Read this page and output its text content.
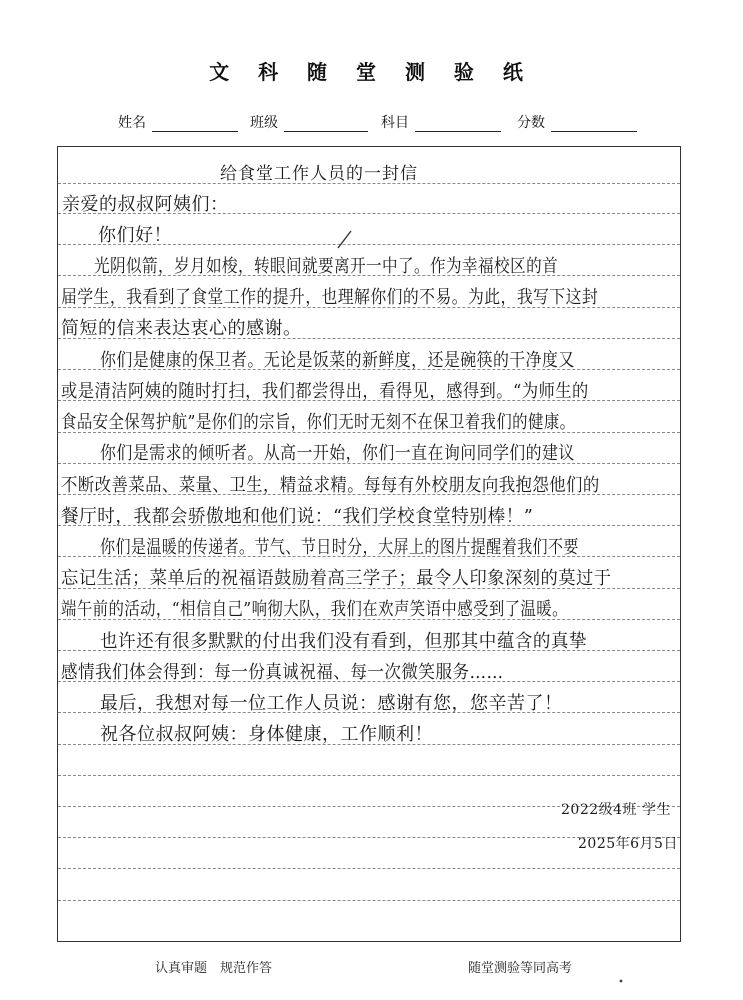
文 科 随 堂 测 验 纸
姓名	班级	科目	分数
给食堂工作人员的一封信
亲爱的叔叔阿姨们：
你们好！
光阴似箭，岁月如梭，转眼间就要离开一中了。作为幸福校区的首
届学生，我看到了食堂工作的提升，也理解你们的不易。为此，我写下这封
简短的信来表达衷心的感谢。
你们是健康的保卫者。无论是饭菜的新鲜度，还是碗筷的干净度又
或是清洁阿姨的随时打扫，我们都尝得出，看得见，感得到。“为师生的
食品安全保驾护航”是你们的宗旨，你们无时无刻不在保卫着我们的健康。
你们是需求的倾听者。从高一开始，你们一直在询问同学们的建议
不断改善菜品、菜量、卫生，精益求精。每每有外校朋友向我抱怨他们的
餐厅时，我都会骄傲地和他们说：“我们学校食堂特别棒！”
你们是温暖的传递者。节气、节日时分，大屏上的图片提醒着我们不要
忘记生活；菜单后的祝福语鼓励着高三学子；最令人印象深刻的莫过于
端午前的活动，“相信自己”响彻大队，我们在欢声笑语中感受到了温暖。
也许还有很多默默的付出我们没有看到，但那其中蕴含的真挚
感情我们体会得到：每一份真诚祝福、每一次微笑服务……
最后，我想对每一位工作人员说：感谢有您，您辛苦了！
祝各位叔叔阿姨：身体健康，工作顺利！
2022级4班 学生
2025年6月5日
认真审题　规范作答	随堂测验等同高考
